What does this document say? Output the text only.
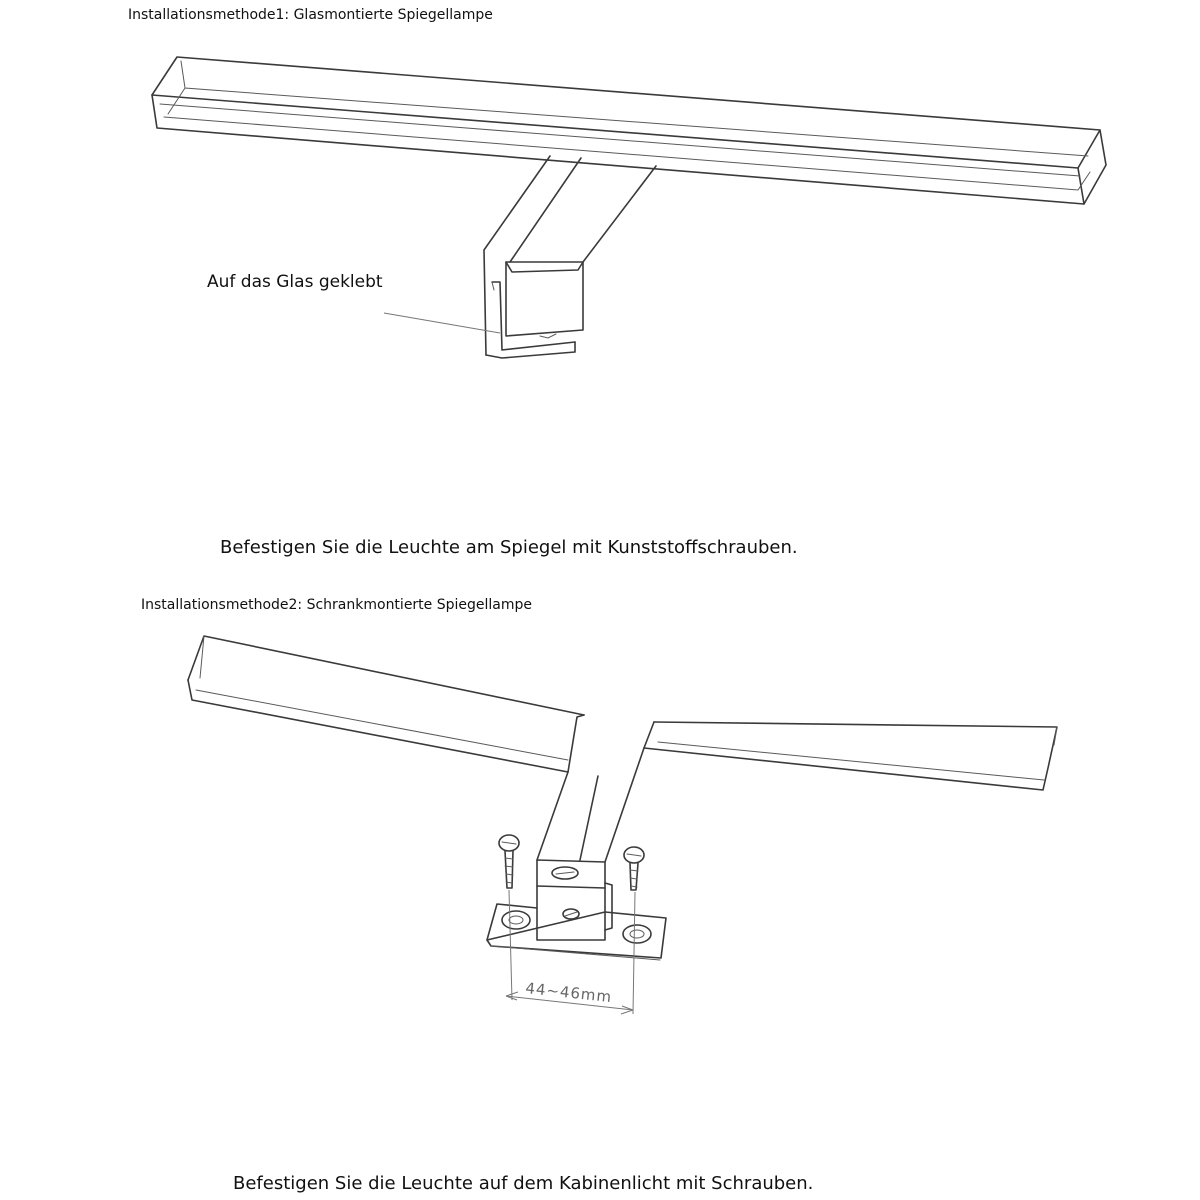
Installationsmethode1: Glasmontierte Spiegellampe
Auf das Glas geklebt
Befestigen Sie die Leuchte am Spiegel mit Kunststoffschrauben.
Installationsmethode2: Schrankmontierte Spiegellampe
Befestigen Sie die Leuchte auf dem Kabinenlicht mit Schrauben.
44~46mm
